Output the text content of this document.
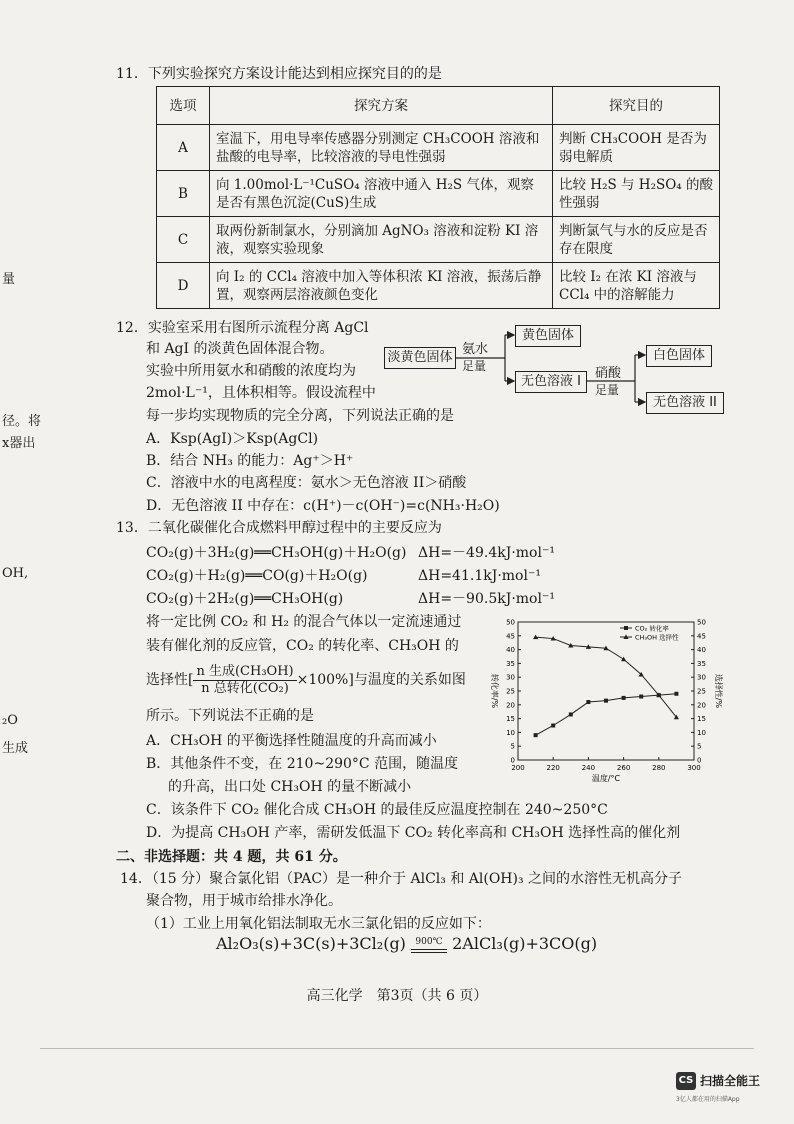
量
径。将
x器出
OH,
₂O
生成
11．下列实验探究方案设计能达到相应探究目的的是
选项	探究方案	探究目的
A	室温下，用电导率传感器分别测定 CH₃COOH 溶液和盐酸的电导率，比较溶液的导电性强弱	判断 CH₃COOH 是否为弱电解质
B	向 1.00mol·L⁻¹CuSO₄ 溶液中通入 H₂S 气体，观察是否有黑色沉淀(CuS)生成	比较 H₂S 与 H₂SO₄ 的酸性强弱
C	取两份新制氯水，分别滴加 AgNO₃ 溶液和淀粉 KI 溶液，观察实验现象	判断氯气与水的反应是否存在限度
D	向 I₂ 的 CCl₄ 溶液中加入等体积浓 KI 溶液，振荡后静置，观察两层溶液颜色变化	比较 I₂ 在浓 KI 溶液与 CCl₄ 中的溶解能力
12．实验室采用右图所示流程分离 AgCl
和 AgI 的淡黄色固体混合物。
实验中所用氨水和硝酸的浓度均为
2mol·L⁻¹，且体积相等。假设流程中
每一步均实现物质的完全分离，下列说法正确的是
A．Ksp(AgI)＞Ksp(AgCl)
B．结合 NH₃ 的能力：Ag⁺＞H⁺
C．溶液中水的电离程度：氨水＞无色溶液 II＞硝酸
D．无色溶液 II 中存在：c(H⁺)－c(OH⁻)=c(NH₃·H₂O)
淡黄色固体
氨水
足量
黄色固体
无色溶液 I
硝酸
足量
白色固体
无色溶液 II
13．二氧化碳催化合成燃料甲醇过程中的主要反应为
CO₂(g)＋3H₂(g)══CH₃OH(g)＋H₂O(g) ΔH=－49.4kJ·mol⁻¹
CO₂(g)＋H₂(g)══CO(g)＋H₂O(g)	ΔH=41.1kJ·mol⁻¹
CO₂(g)＋2H₂(g)══CH₃OH(g)	ΔH=－90.5kJ·mol⁻¹
将一定比例 CO₂ 和 H₂ 的混合气体以一定流速通过
装有催化剂的反应管，CO₂ 的转化率、CH₃OH 的
选择性[ $\frac{\text{n 生成(CH₃OH)}}{\text{n 总转化(CO₂)}} \times 100\%$]与温度的关系如图
所示。下列说法不正确的是
A．CH₃OH 的平衡选择性随温度的升高而减小
B．其他条件不变，在 210~290°C 范围，随温度
的升高，出口处 CH₃OH 的量不断减小
C．该条件下 CO₂ 催化合成 CH₃OH 的最佳反应温度控制在 240~250°C
D．为提高 CH₃OH 产率，需研发低温下 CO₂ 转化率高和 CH₃OH 选择性高的催化剂
200	220	240	260	280	300
0	0
5	5
10	10
15	15
20	20
25	25
30	30
35	35
40	40
45	45
50	50
温度/°C
转化率/%	选择性/%
CO₂ 转化率
CH₃OH 选择性
二、非选择题：共 4 题，共 61 分。
14．（15 分）聚合氯化铝（PAC）是一种介于 AlCl₃ 和 Al(OH)₃ 之间的水溶性无机高分子
聚合物，用于城市给排水净化。
（1）工业上用氧化铝法制取无水三氯化铝的反应如下：
Al₂O₃(s)+3C(s)+3Cl₂(g)	900℃ 2AlCl₃(g)+3CO(g)
高三化学　第3页（共 6 页）
CS 扫描全能王
3亿人都在用的扫描App
